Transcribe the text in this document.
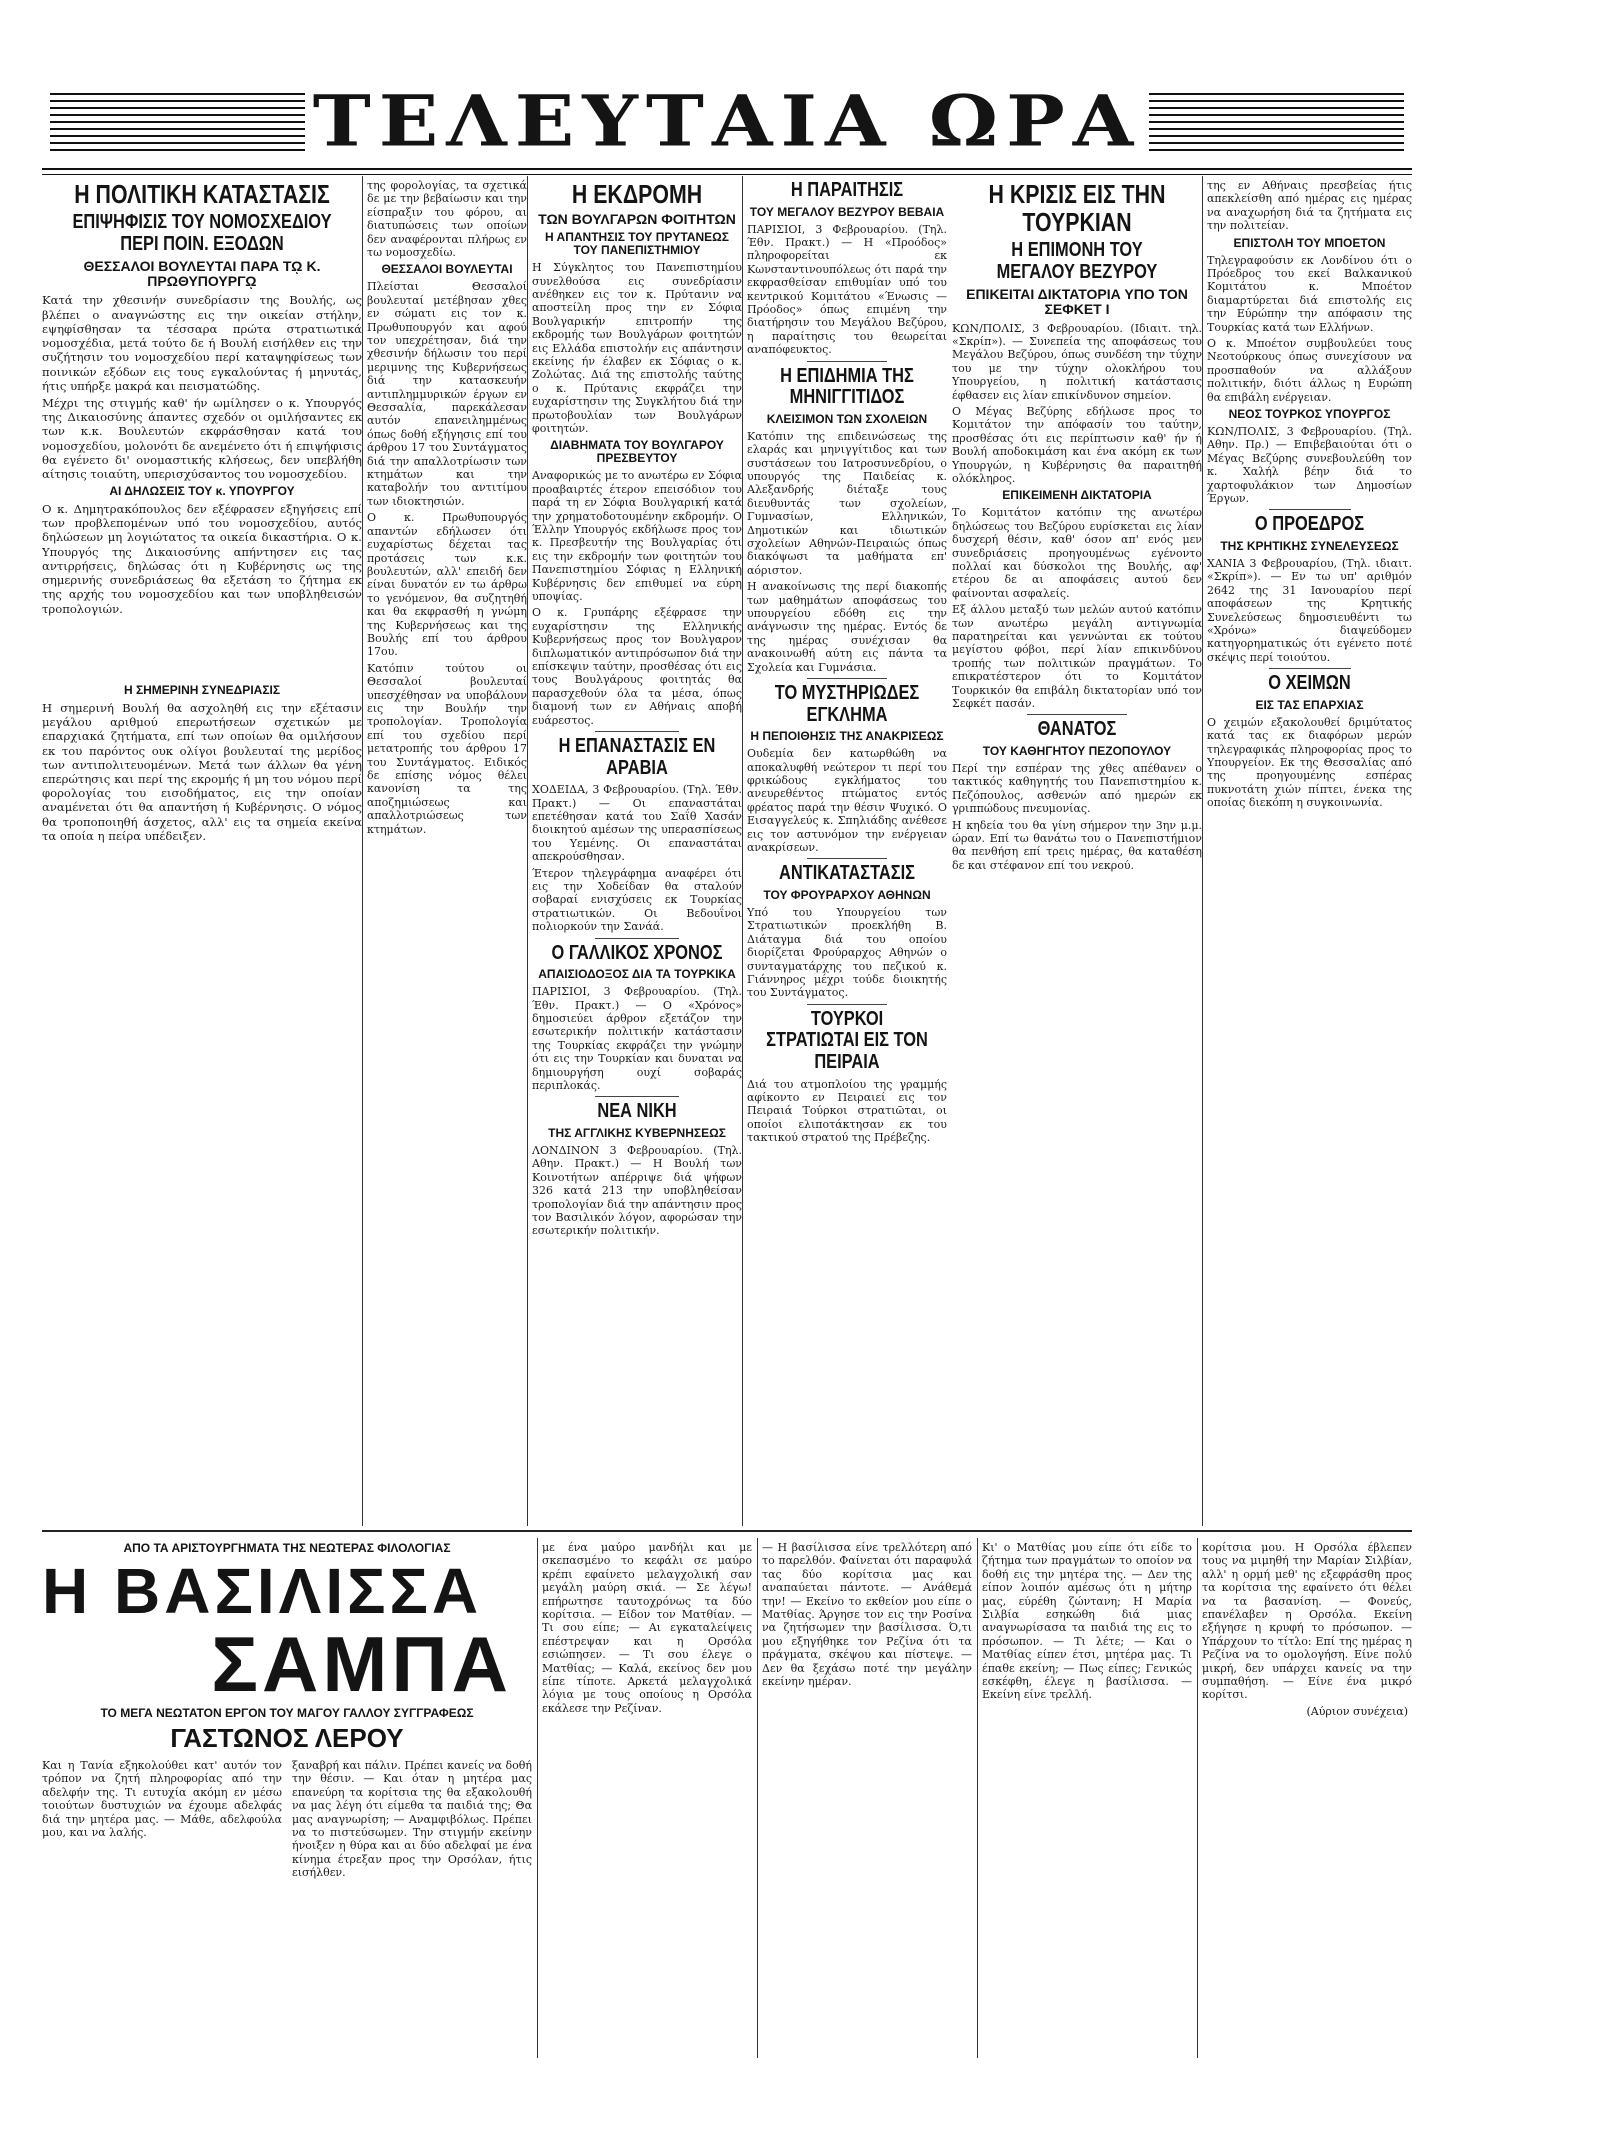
ΤΕΛΕΥΤΑΙΑ ΩΡΑ
Η ΠΟΛΙΤΙΚΗ ΚΑΤΑΣΤΑΣΙΣ
ΕΠΙΨΗΦΙΣΙΣ ΤΟΥ ΝΟΜΟΣΧΕΔΙΟΥ ΠΕΡΙ ΠΟΙΝ. ΕΞΟΔΩΝ
ΘΕΣΣΑΛΟΙ ΒΟΥΛΕΥΤΑΙ ΠΑΡΑ Τῼ Κ. ΠΡΩΘΥΠΟΥΡΓῼ
Κατά την χθεσινήν συνεδρίασιν της Βουλής, ως βλέπει ο αναγνώστης εις την οικείαν στήλην, εψηφίσθησαν τα τέσσαρα πρώτα στρατιωτικά νομοσχέδια, μετά τούτο δε ή Βουλή εισήλθεν εις την συζήτησιν του νομοσχεδίου περί καταψηφίσεως των ποινικών εξόδων εις τους εγκαλούντας ή μηνυτάς, ήτις υπήρξε μακρά και πεισματώδης.
Μέχρι της στιγμής καθ' ήν ωμίλησεν ο κ. Υπουργός της Δικαιοσύνης άπαντες σχεδόν οι ομιλήσαντες εκ των κ.κ. Βουλευτών εκφράσθησαν κατά του νομοσχεδίου, μολονότι δε ανεμένετο ότι ή επιψήφισις θα εγένετο δι' ονομαστικής κλήσεως, δεν υπεβλήθη αίτησις τοιαύτη, υπερισχύσαντος του νομοσχεδίου.
ΑΙ ΔΗΛΩΣΕΙΣ ΤΟΥ κ. ΥΠΟΥΡΓΟΥ
Ο κ. Δημητρακόπουλος δεν εξέφρασεν εξηγήσεις επί των προβλεπομένων υπό του νομοσχεδίου, αυτός δηλώσεων μη λογιώτατος τα οικεία δικαστήρια. Ο κ. Υπουργός της Δικαιοσύνης απήντησεν εις τας αντιρρήσεις, δηλώσας ότι η Κυβέρνησις ως της σημερινής συνεδριάσεως θα εξετάση το ζήτημα εκ της αρχής του νομοσχεδίου και των υποβληθεισών τροπολογιών.
Η ΣΗΜΕΡΙΝΗ ΣΥΝΕΔΡΙΑΣΙΣ
Η σημερινή Βουλή θα ασχοληθή εις την εξέτασιν μεγάλου αριθμού επερωτήσεων σχετικών με επαρχιακά ζητήματα, επί των οποίων θα ομιλήσουν εκ του παρόντος ουκ ολίγοι βουλευταί της μερίδος των αντιπολιτευομένων. Μετά των άλλων θα γένη επερώτησις και περί της εκρομής ή μη του νόμου περί φορολογίας του εισοδήματος, εις την οποίαν αναμένεται ότι θα απαντήση ή Κυβέρνησις. Ο νόμος θα τροποποιηθή άσχετος, αλλ' εις τα σημεία εκείνα τα οποία η πείρα υπέδειξεν.
της φορολογίας, τα σχετικά δε με την βεβαίωσιν και την είσπραξιν του φόρου, αι διατυπώσεις των οποίων δεν αναφέρονται πλήρως εν τω νομοσχεδίω.
ΘΕΣΣΑΛΟΙ ΒΟΥΛΕΥΤΑΙ
Πλείσται Θεσσαλοί βουλευταί μετέβησαν χθες εν σώματι εις τον κ. Πρωθυπουργόν και αφού τον υπεχρέτησαν, διά την χθεσινήν δήλωσιν του περί μεριμνης της Κυβερνήσεως διά την κατασκευήν αντιπλημμυρικών έργων εν Θεσσαλία, παρεκάλεσαν αυτόν επανειλημμένως όπως δοθή εξήγησις επί του άρθρου 17 του Συντάγματος διά την απαλλοτρίωσιν των κτημάτων και την καταβολήν του αντιτίμου των ιδιοκτησιών.
Ο κ. Πρωθυπουργός απαντών εδήλωσεν ότι ευχαρίστως δέχεται τας προτάσεις των κ.κ. βουλευτών, αλλ' επειδή δεν είναι δυνατόν εν τω άρθρω το γενόμενον, θα συζητηθή και θα εκφρασθή η γνώμη της Κυβερνήσεως και της Βουλής επί του άρθρου 17ου.
Κατόπιν τούτου οι Θεσσαλοί βουλευταί υπεσχέθησαν να υποβάλουν εις την Βουλήν την τροπολογίαν. Τροπολογία επί του σχεδίου περί μετατροπής του άρθρου 17 του Συντάγματος. Ειδικός δε επίσης νόμος θέλει κανονίση τα της αποζημιώσεως και απαλλοτριώσεως των κτημάτων.
Η ΕΚΔΡΟΜΗ
ΤΩΝ ΒΟΥΛΓΑΡΩΝ ΦΟΙΤΗΤΩΝ
Η ΑΠΑΝΤΗΣΙΣ ΤΟΥ ΠΡΥΤΑΝΕΩΣ ΤΟΥ ΠΑΝΕΠΙΣΤΗΜΙΟΥ
Η Σύγκλητος του Πανεπιστημίου συνελθούσα εις συνεδρίασιν ανέθηκεν εις τον κ. Πρύτανιν να αποστείλη προς την εν Σόφια Βουλγαρικήν επιτροπήν της εκδρομής των Βουλγάρων φοιτητών εις Ελλάδα επιστολήν εις απάντησιν εκείνης ήν έλαβεν εκ Σόφιας ο κ. Ζολώτας. Διά της επιστολής ταύτης ο κ. Πρύτανις εκφράζει την ευχαρίστησιν της Συγκλήτου διά την πρωτοβουλίαν των Βουλγάρων φοιτητών.
ΔΙΑΒΗΜΑΤΑ ΤΟΥ ΒΟΥΛΓΑΡΟΥ ΠΡΕΣΒΕΥΤΟΥ
Αναφορικώς με το ανωτέρω εν Σόφια προαβαιρτές έτερον επεισόδιον του παρά τη εν Σόφια Βουλγαρική κατά την χρηματοδοτουμένην εκδρομήν. Ο Έλλην Υπουργός εκδήλωσε προς τον κ. Πρεσβευτήν της Βουλγαρίας ότι εις την εκδρομήν των φοιτητών του Πανεπιστημίου Σόφιας η Ελληνική Κυβέρνησις δεν επιθυμεί να εύρη υποψίας.
Ο κ. Γρυπάρης εξέφρασε την ευχαρίστησιν της Ελληνικής Κυβερνήσεως προς τον Βουλγαρον διπλωματικόν αντιπρόσωπον διά την επίσκεψιν ταύτην, προσθέσας ότι εις τους Βουλγάρους φοιτητάς θα παρασχεθούν όλα τα μέσα, όπως διαμονή των εν Αθήναις αποβή ευάρεστος.
Η ΕΠΑΝΑΣΤΑΣΙΣ ΕΝ ΑΡΑΒΙΑ
ΧΟΔΕΙΔΑ, 3 Φεβρουαρίου. (Τηλ. Έθν. Πρακτ.) — Οι επαναστάται επετέθησαν κατά του Σαΐθ Χασάν διοικητού αμέσων της υπερασπίσεως του Υεμένης. Οι επαναστάται απεκρούσθησαν.
Έτερον τηλεγράφημα αναφέρει ότι εις την Χοδείδαν θα σταλούν σοβαραί ενισχύσεις εκ Τουρκίας στρατιωτικών. Οι Βεδουΐνοι πολιορκούν την Σανάά.
Ο ΓΑΛΛΙΚΟΣ ΧΡΟΝΟΣ
ΑΠΑΙΣΙΟΔΟΞΟΣ ΔΙΑ ΤΑ ΤΟΥΡΚΙΚΑ
ΠΑΡΙΣΙΟΙ, 3 Φεβρουαρίου. (Τηλ. Έθν. Πρακτ.) — Ο «Χρόνος» δημοσιεύει άρθρον εξετάζον την εσωτερικήν πολιτικήν κατάστασιν της Τουρκίας εκφράζει την γνώμην ότι εις την Τουρκίαν και δυναται να δημιουργήση ουχί σοβαράς περιπλοκάς.
ΝΕΑ ΝΙΚΗ
ΤΗΣ ΑΓΓΛΙΚΗΣ ΚΥΒΕΡΝΗΣΕΩΣ
ΛΟΝΔΙΝΟΝ 3 Φεβρουαρίου. (Τηλ. Αθην. Πρακτ.) — Η Βουλή των Κοινοτήτων απέρριψε διά ψήφων 326 κατά 213 την υποβληθείσαν τροπολογίαν διά την απάντησιν προς τον Βασιλικόν λόγον, αφορώσαν την εσωτερικήν πολιτικήν.
Η ΠΑΡΑΙΤΗΣΙΣ
ΤΟΥ ΜΕΓΑΛΟΥ ΒΕΖΥΡΟΥ ΒΕΒΑΙΑ
ΠΑΡΙΣΙΟΙ, 3 Φεβρουαρίου. (Τηλ. Έθν. Πρακτ.) — Η «Προόδος» πληροφορείται εκ Κωνσταντινουπόλεως ότι παρά την εκφρασθείσαν επιθυμίαν υπό του κεντρικού Κομιτάτου «Ένωσις — Πρόοδος» όπως επιμένη την διατήρησιν του Μεγάλου Βεζύρου, η παραίτησις του θεωρείται αναπόφευκτος.
Η ΕΠΙΔΗΜΙΑ ΤΗΣ ΜΗΝΙΓΓΙΤΙΔΟΣ
ΚΛΕΙΣΙΜΟΝ ΤΩΝ ΣΧΟΛΕΙΩΝ
Κατόπιν της επιδεινώσεως της ελαράς και μηνιγγίτιδος και των συστάσεων του Ιατροσυνεδρίου, ο υπουργός της Παιδείας κ. Αλεξανδρής διέταξε τους διευθυντάς των σχολείων, Γυμνασίων, Ελληνικών, Δημοτικών και ιδιωτικών σχολείων Αθηνών-Πειραιώς όπως διακόψωσι τα μαθήματα επ' αόριστον.
Η ανακοίνωσις της περί διακοπής των μαθημάτων αποφάσεως του υπουργείου εδόθη εις την ανάγνωσιν της ημέρας. Εντός δε της ημέρας συνέχισαν θα ανακοινωθή αύτη εις πάντα τα Σχολεία και Γυμνάσια.
ΤΟ ΜΥΣΤΗΡΙΩΔΕΣ ΕΓΚΛΗΜΑ
Η ΠΕΠΟΙΘΗΣΙΣ ΤΗΣ ΑΝΑΚΡΙΣΕΩΣ
Ουδεμία δεν κατωρθώθη να αποκαλυφθή νεώτερον τι περί του φρικώδους εγκλήματος του ανευρεθέντος πτώματος εντός φρέατος παρά την θέσιν Ψυχικό. Ο Εισαγγελεύς κ. Σπηλιάδης ανέθεσε εις τον αστυνόμον την ενέργειαν ανακρίσεων.
ΑΝΤΙΚΑΤΑΣΤΑΣΙΣ
ΤΟΥ ΦΡΟΥΡΑΡΧΟΥ ΑΘΗΝΩΝ
Υπό του Υπουργείου των Στρατιωτικών προεκλήθη Β. Διάταγμα διά του οποίου διορίζεται Φρούραρχος Αθηνών ο συνταγματάρχης του πεζικού κ. Γιάννηρος μέχρι τούδε διοικητής του Συντάγματος.
ΤΟΥΡΚΟΙ ΣΤΡΑΤΙΩΤΑΙ ΕΙΣ ΤΟΝ ΠΕΙΡΑΙΑ
Διά του ατμοπλοίου της γραμμής αφίκοντο εν Πειραιεί εις τον Πειραιά Τούρκοι στρατιῶται, οι οποίοι ελιποτάκτησαν εκ του τακτικού στρατού της Πρέβεζης.
Η ΚΡΙΣΙΣ ΕΙΣ ΤΗΝ ΤΟΥΡΚΙΑΝ
Η ΕΠΙΜΟΝΗ ΤΟΥ ΜΕΓΑΛΟΥ ΒΕΖΥΡΟΥ
ΕΠΙΚΕΙΤΑΙ ΔΙΚΤΑΤΟΡΙΑ ΥΠΟ ΤΟΝ ΣΕΦΚΕΤ Ι
ΚΩΝ/ΠΟΛΙΣ, 3 Φεβρουαρίου. (Ιδιαιτ. τηλ. «Σκρίπ»). — Συνεπεία της αποφάσεως του Μεγάλου Βεζύρου, όπως συνδέση την τύχην του με την τύχην ολοκλήρου του Υπουργείου, η πολιτική κατάστασις έφθασεν εις λίαν επικίνδυνον σημείον.
Ο Μέγας Βεζύρης εδήλωσε προς το Κομιτάτον την απόφασίν του ταύτην, προσθέσας ότι εις περίπτωσιν καθ' ήν ή Βουλή αποδοκιμάση και ένα ακόμη εκ των Υπουργών, η Κυβέρνησις θα παραιτηθή ολόκληρος.
ΕΠΙΚΕΙΜΕΝΗ ΔΙΚΤΑΤΟΡΙΑ
Το Κομιτάτον κατόπιν της ανωτέρω δηλώσεως του Βεζύρου ευρίσκεται εις λίαν δυσχερή θέσιν, καθ' όσον απ' ενός μεν συνεδριάσεις προηγουμένως εγένοντο πολλαί και δύσκολοι της Βουλής, αφ' ετέρου δε αι αποφάσεις αυτού δεν φαίνονται ασφαλείς.
Εξ άλλου μεταξύ των μελών αυτού κατόπιν των ανωτέρω μεγάλη αντιγνωμία παρατηρείται και γεννώνται εκ τούτου μεγίστου φόβοι, περί λίαν επικινδύνου τροπής των πολιτικών πραγμάτων. Το επικρατέστερον ότι το Κομιτάτον Τουρκικόν θα επιβάλη δικτατορίαν υπό τον Σεφκέτ πασάν.
ΘΑΝΑΤΟΣ
ΤΟΥ ΚΑΘΗΓΗΤΟΥ ΠΕΖΟΠΟΥΛΟΥ
Περί την εσπέραν της χθες απέθανεν ο τακτικός καθηγητής του Πανεπιστημίου κ. Πεζόπουλος, ασθενών από ημερών εκ γριππώδους πνευμονίας.
Η κηδεία του θα γίνη σήμερον την 3ην μ.μ. ώραν. Επί τω θανάτω του ο Πανεπιστήμιον θα πενθήση επί τρεις ημέρας, θα καταθέση δε και στέφανον επί του νεκρού.
της εν Αθήναις πρεσβείας ήτις απεκλείσθη από ημέρας εις ημέρας να αναχωρήση διά τα ζητήματα εις την πολιτείαν.
ΕΠΙΣΤΟΛΗ ΤΟΥ ΜΠΟΕΤΟΝ
Τηλεγραφούσιν εκ Λονδίνου ότι ο Πρόεδρος του εκεί Βαλκανικού Κομιτάτου κ. Μποέτον διαμαρτύρεται διά επιστολής εις την Εύρώπην την απόφασιν της Τουρκίας κατά των Ελλήνων.
Ο κ. Μποέτον συμβουλεύει τους Νεοτούρκους όπως συνεχίσουν να προσπαθούν να αλλάξουν πολιτικήν, διότι άλλως η Ευρώπη θα επιβάλη ενέργειαν.
ΝΕΟΣ ΤΟΥΡΚΟΣ ΥΠΟΥΡΓΟΣ
ΚΩΝ/ΠΟΛΙΣ, 3 Φεβρουαρίου. (Τηλ. Αθην. Πρ.) — Επιβεβαιούται ότι ο Μέγας Βεζύρης συνεβουλεύθη τον κ. Χαλήλ βέην διά το χαρτοφυλάκιον των Δημοσίων Έργων.
Ο ΠΡΟΕΔΡΟΣ
ΤΗΣ ΚΡΗΤΙΚΗΣ ΣΥΝΕΛΕΥΣΕΩΣ
ΧΑΝΙΑ 3 Φεβρουαρίου, (Τηλ. ιδιαιτ. «Σκρίπ»). — Εν τω υπ' αριθμόν 2642 της 31 Ιανουαρίου περί αποφάσεων της Κρητικής Συνελεύσεως δημοσιευθέντι τω «Χρόνω» διαψεύδομεν κατηγορηματικώς ότι εγένετο ποτέ σκέψις περί τοιούτου.
Ο ΧΕΙΜΩΝ
ΕΙΣ ΤΑΣ ΕΠΑΡΧΙΑΣ
Ο χειμών εξακολουθεί δριμύτατος κατά τας εκ διαφόρων μερών τηλεγραφικάς πληροφορίας προς το Υπουργείον. Εκ της Θεσσαλίας από της προηγουμένης εσπέρας πυκνοτάτη χιών πίπτει, ένεκα της οποίας διεκόπη η συγκοινωνία.
ΑΠΟ ΤΑ ΑΡΙΣΤΟΥΡΓΗΜΑΤΑ ΤΗΣ ΝΕΩΤΕΡΑΣ ΦΙΛΟΛΟΓΙΑΣ
Η ΒΑΣΙΛΙΣΣΑ
ΣΑΜΠΑ
ΤΟ ΜΕΓΑ ΝΕΩΤΑΤΟΝ ΕΡΓΟΝ ΤΟΥ ΜΑΓΟΥ ΓΑΛΛΟΥ ΣΥΓΓΡΑΦΕΩΣ
ΓΑΣΤΩΝΟΣ ΛΕΡΟΥ
Και η Τανία εξηκολούθει κατ' αυτόν τον τρόπον να ζητή πληροφορίας από την αδελφήν της. Τι ευτυχία ακόμη εν μέσω τοιούτων δυστυχιών να έχουμε αδελφάς διά την μητέρα μας. — Μάθε, αδελφούλα μου, και να λαλής.
ξαναβρή και πάλιν. Πρέπει κανείς να δοθή την θέσιν. — Και όταν η μητέρα μας επανεύρη τα κορίτσια της θα εξακολουθή να μας λέγη ότι είμεθα τα παιδιά της; Θα μας αναγνωρίση; — Αναμφιβόλως. Πρέπει να το πιστεύσωμεν. Την στιγμήν εκείνην ήνοιξεν η θύρα και αι δύο αδελφαί με ένα κίνημα έτρεξαν προς την Ορσόλαν, ήτις εισήλθεν.
με ένα μαύρο μανδήλι και με σκεπασμένο το κεφάλι σε μαύρο κρέπι εφαίνετο μελαγχολική σαν μεγάλη μαύρη σκιά. — Σε λέγω! επήρωτησε ταυτοχρόνως τα δύο κορίτσια. — Είδον τον Ματθίαν. — Τι σου είπε; — Αι εγκαταλείψεις επέστρεψαν και η Ορσόλα εσιώπησεν. — Τι σου έλεγε ο Ματθίας; — Καλά, εκείνος δεν μου είπε τίποτε. Αρκετά μελαγχολικά λόγια με τους οποίους η Ορσόλα εκάλεσε την Ρεζίναν.
— Η βασίλισσα είνε τρελλότερη από το παρελθόν. Φαίνεται ότι παραφυλά τας δύο κορίτσια μας και αναπαύεται πάντοτε. — Ανάθεμά την! — Εκείνο το εκθείον μου είπε ο Ματθίας. Άργησε τον εις την Ροσίνα να ζητήσωμεν την βασίλισσα. Ό,τι μου εξηγήθηκε τον Ρεζίνα ότι τα πράγματα, σκέψου και πίστεψε. — Δεν θα ξεχάσω ποτέ την μεγάλην εκείνην ημέραν.
Κι' ο Ματθίας μου είπε ότι είδε το ζήτημα των πραγμάτων το οποίον να δοθή εις την μητέρα της. — Δεν της είπον λοιπόν αμέσως ότι η μήτηρ μας, εύρέθη ζώντανη; Η Μαρία Σιλβία εσηκώθη διά μιας αναγνωρίσασα τα παιδιά της εις το πρόσωπον. — Τι λέτε; — Και ο Ματθίας είπεν έτσι, μητέρα μας. Τι έπαθε εκείνη; — Πως είπες; Γενικώς εσκέφθη, έλεγε η βασίλισσα. — Εκείνη είνε τρελλή.
κορίτσια μου. Η Ορσόλα έβλεπεν τους να μιμηθή την Μαρίαν Σιλβίαν, αλλ' η ορμή μεθ' ης εξεφράσθη προς τα κορίτσια της εφαίνετο ότι θέλει να τα βασανίση. — Φονεύς, επανέλαβεν η Ορσόλα. Εκείνη εξήγησε η κρυφή το πρόσωπον. — Υπάρχουν το τίτλο: Επί της ημέρας η Ρεζίνα να το ομολογήση. Είνε πολύ μικρή, δεν υπάρχει κανείς να την συμπαθήση. — Είνε ένα μικρό κορίτσι.
(Αύριον συνέχεια)
